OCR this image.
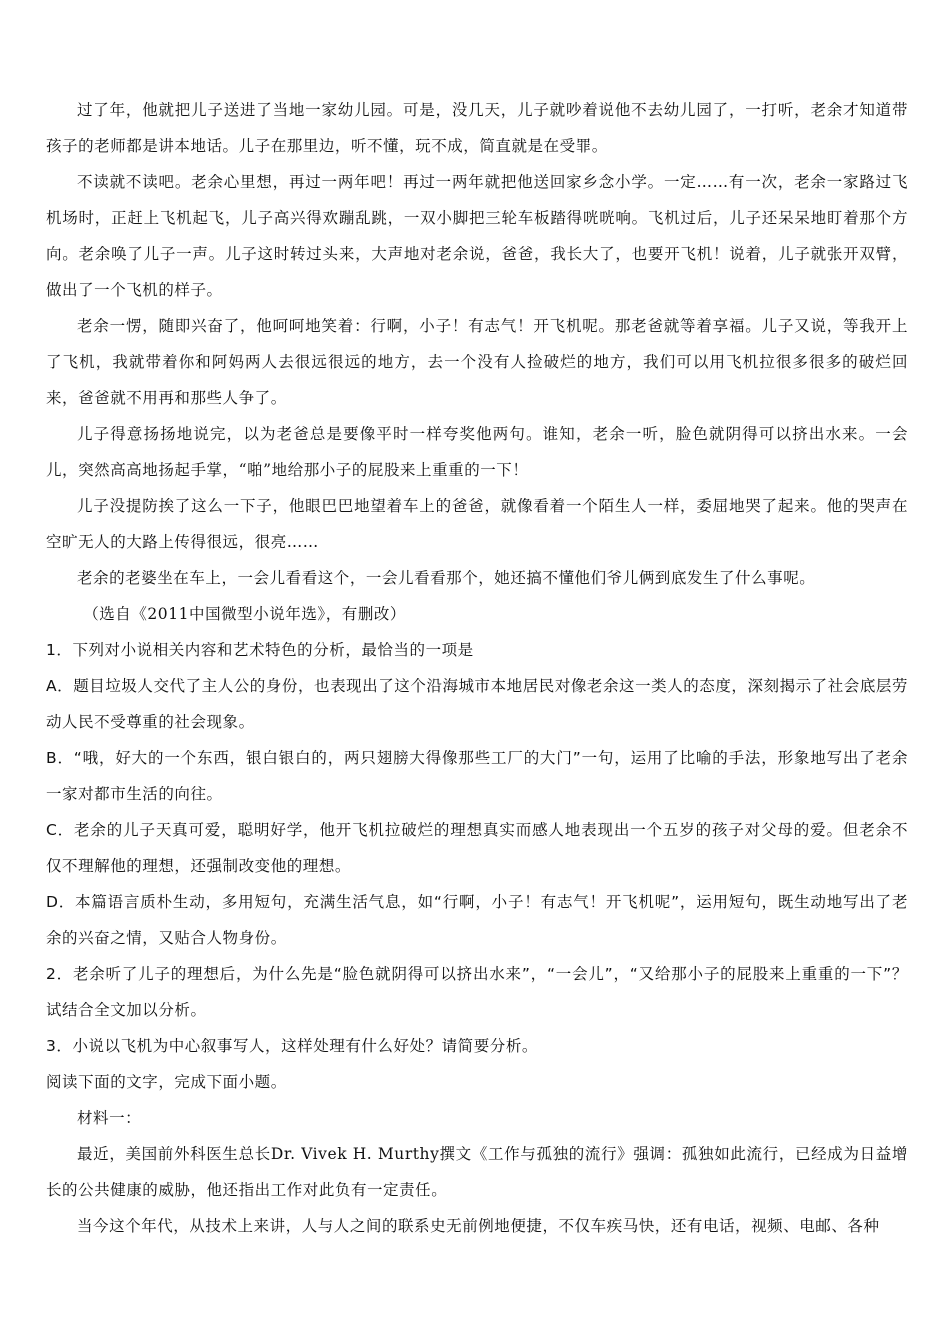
过了年，他就把儿子送进了当地一家幼儿园。可是，没几天，儿子就吵着说他不去幼儿园了，一打听，老余才知道带孩子的老师都是讲本地话。儿子在那里边，听不懂，玩不成，简直就是在受罪。

不读就不读吧。老余心里想，再过一两年吧！再过一两年就把他送回家乡念小学。一定……有一次，老余一家路过飞机场时，正赶上飞机起飞，儿子高兴得欢蹦乱跳，一双小脚把三轮车板踏得咣咣响。飞机过后，儿子还呆呆地盯着那个方向。老余唤了儿子一声。儿子这时转过头来，大声地对老余说，爸爸，我长大了，也要开飞机！说着，儿子就张开双臂，做出了一个飞机的样子。

老余一愣，随即兴奋了，他呵呵地笑着：行啊，小子！有志气！开飞机呢。那老爸就等着享福。儿子又说，等我开上了飞机，我就带着你和阿妈两人去很远很远的地方，去一个没有人捡破烂的地方，我们可以用飞机拉很多很多的破烂回来，爸爸就不用再和那些人争了。

儿子得意扬扬地说完，以为老爸总是要像平时一样夸奖他两句。谁知，老余一听，脸色就阴得可以挤出水来。一会儿，突然高高地扬起手掌，“啪”地给那小子的屁股来上重重的一下！

儿子没提防挨了这么一下子，他眼巴巴地望着车上的爸爸，就像看着一个陌生人一样，委屈地哭了起来。他的哭声在空旷无人的大路上传得很远，很亮……

老余的老婆坐在车上，一会儿看看这个，一会儿看看那个，她还搞不懂他们爷儿俩到底发生了什么事呢。

（选自《2011中国微型小说年选》，有删改）

1．下列对小说相关内容和艺术特色的分析，最恰当的一项是

A．题目垃圾人交代了主人公的身份，也表现出了这个沿海城市本地居民对像老余这一类人的态度，深刻揭示了社会底层劳动人民不受尊重的社会现象。

B．“哦，好大的一个东西，银白银白的，两只翅膀大得像那些工厂的大门”一句，运用了比喻的手法，形象地写出了老余一家对都市生活的向往。

C．老余的儿子天真可爱，聪明好学，他开飞机拉破烂的理想真实而感人地表现出一个五岁的孩子对父母的爱。但老余不仅不理解他的理想，还强制改变他的理想。

D．本篇语言质朴生动，多用短句，充满生活气息，如“行啊，小子！有志气！开飞机呢”，运用短句，既生动地写出了老余的兴奋之情，又贴合人物身份。

2．老余听了儿子的理想后，为什么先是“脸色就阴得可以挤出水来”，“一会儿”，“又给那小子的屁股来上重重的一下”？试结合全文加以分析。

3．小说以飞机为中心叙事写人，这样处理有什么好处？请简要分析。

阅读下面的文字，完成下面小题。

材料一：

最近，美国前外科医生总长Dr. Vivek H. Murthy撰文《工作与孤独的流行》强调：孤独如此流行，已经成为日益增长的公共健康的威胁，他还指出工作对此负有一定责任。

当今这个年代，从技术上来讲，人与人之间的联系史无前例地便捷，不仅车疾马快，还有电话，视频、电邮、各种
